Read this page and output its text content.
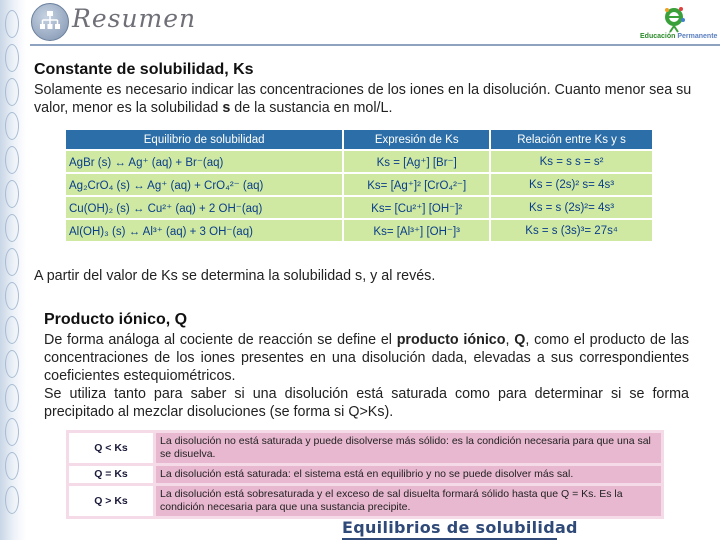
Resumen
Educación Permanente
Constante de solubilidad, Ks
Solamente es necesario indicar las concentraciones de los iones en la disolución. Cuanto menor sea su valor, menor es la solubilidad s de la sustancia en mol/L.
Equilibrio de solubilidad	Expresión de Ks	Relación entre Ks y s
AgBr (s) ↔ Ag⁺ (aq) + Br⁻(aq)	Ks = [Ag⁺] [Br⁻]	Ks = s s = s²
Ag₂CrO₄ (s) ↔ Ag⁺ (aq) + CrO₄²⁻ (aq)	Ks= [Ag⁺]² [CrO₄²⁻]	Ks = (2s)² s= 4s³
Cu(OH)₂ (s) ↔ Cu²⁺ (aq) + 2 OH⁻(aq)	Ks= [Cu²⁺] [OH⁻]²	Ks = s (2s)²= 4s³
Al(OH)₃ (s) ↔ Al³⁺ (aq) + 3 OH⁻(aq)	Ks= [Al³⁺] [OH⁻]³	Ks = s (3s)³= 27s⁴
A partir del valor de Ks se determina la solubilidad s, y al revés.
Producto iónico, Q
De forma análoga al cociente de reacción se define el producto iónico, Q, como el producto de las concentraciones de los iones presentes en una disolución dada, elevadas a sus correspondientes coeficientes estequiométricos.
Se utiliza tanto para saber si una disolución está saturada como para determinar si se forma precipitado al mezclar disoluciones (se forma si Q>Ks).
Q < Ks	La disolución no está saturada y puede disolverse más sólido: es la condición necesaria para que una sal se disuelva.
Q = Ks	La disolución está saturada: el sistema está en equilibrio y no se puede disolver más sal.
Q > Ks	La disolución está sobresaturada y el exceso de sal disuelta formará sólido hasta que Q = Ks. Es la condición necesaria para que una sustancia precipite.
Equilibrios de solubilidad
